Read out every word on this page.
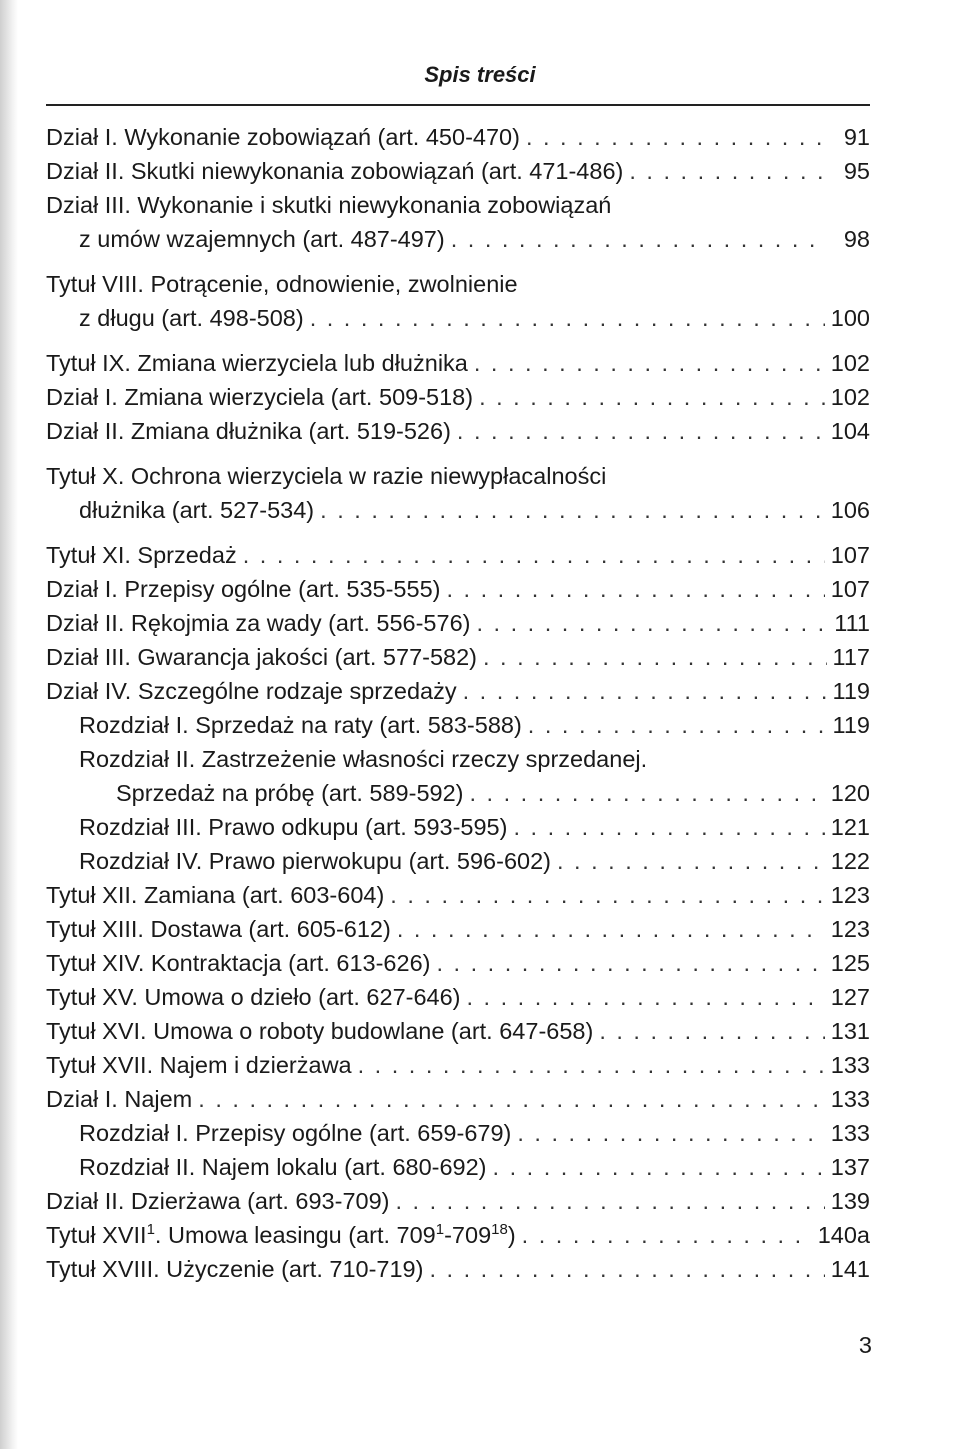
Spis treści
Dział I. Wykonanie zobowiązań (art. 450-470) . . .	91
Dział II. Skutki niewykonania zobowiązań (art. 471-486) . . .	95
Dział III. Wykonanie i skutki niewykonania zobowiązań
z umów wzajemnych (art. 487-497) . . .	98
Tytuł VIII. Potrącenie, odnowienie, zwolnienie
z długu (art. 498-508) . . .	100
Tytuł IX. Zmiana wierzyciela lub dłużnika . . .	102
Dział I. Zmiana wierzyciela (art. 509-518) . . .	102
Dział II. Zmiana dłużnika (art. 519-526) . . .	104
Tytuł X. Ochrona wierzyciela w razie niewypłacalności
dłużnika (art. 527-534) . . .	106
Tytuł XI. Sprzedaż . . .	107
Dział I. Przepisy ogólne (art. 535-555) . . .	107
Dział II. Rękojmia za wady (art. 556-576) . . .	111
Dział III. Gwarancja jakości (art. 577-582) . . .	117
Dział IV. Szczególne rodzaje sprzedaży . . .	119
Rozdział I. Sprzedaż na raty (art. 583-588) . . .	119
Rozdział II. Zastrzeżenie własności rzeczy sprzedanej.
Sprzedaż na próbę (art. 589-592) . . .	120
Rozdział III. Prawo odkupu (art. 593-595) . . .	121
Rozdział IV. Prawo pierwokupu (art. 596-602) . . .	122
Tytuł XII. Zamiana (art. 603-604) . . .	123
Tytuł XIII. Dostawa (art. 605-612) . . .	123
Tytuł XIV. Kontraktacja (art. 613-626) . . .	125
Tytuł XV. Umowa o dzieło (art. 627-646) . . .	127
Tytuł XVI. Umowa o roboty budowlane (art. 647-658) . . .	131
Tytuł XVII. Najem i dzierżawa . . .	133
Dział I. Najem . . .	133
Rozdział I. Przepisy ogólne (art. 659-679) . . .	133
Rozdział II. Najem lokalu (art. 680-692) . . .	137
Dział II. Dzierżawa (art. 693-709) . . .	139
Tytuł XVII$^1$. Umowa leasingu (art. $709^1-709^{18}$) . . .	140a
Tytuł XVIII. Użyczenie (art. 710-719) . . .	141
3
